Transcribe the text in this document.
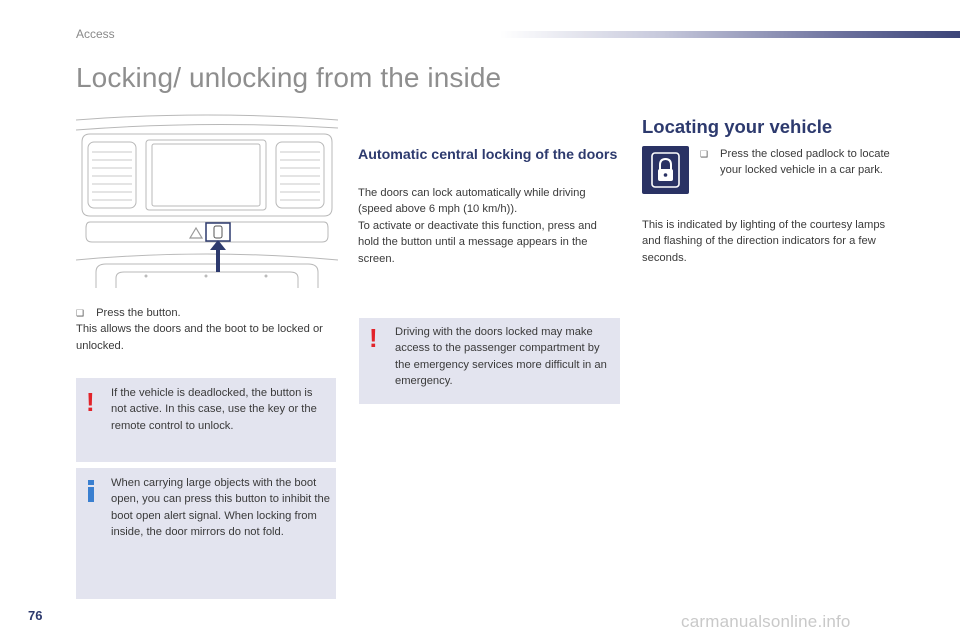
Access
Locking/ unlocking from the inside
❑ Press the button.
This allows the doors and the boot to be locked or unlocked.
! If the vehicle is deadlocked, the button is not active. In this case, use the key or the remote control to unlock.
When carrying large objects with the boot open, you can press this button to inhibit the boot open alert signal. When locking from inside, the door mirrors do not fold.
Automatic central locking of the doors
The doors can lock automatically while driving (speed above 6 mph (10 km/h)).
To activate or deactivate this function, press and hold the button until a message appears in the screen.
! Driving with the doors locked may make access to the passenger compartment by the emergency services more difficult in an emergency.
Locating your vehicle
❑ Press the closed padlock to locate your locked vehicle in a car park.
This is indicated by lighting of the courtesy lamps and flashing of the direction indicators for a few seconds.
76	carmanualsonline.info
